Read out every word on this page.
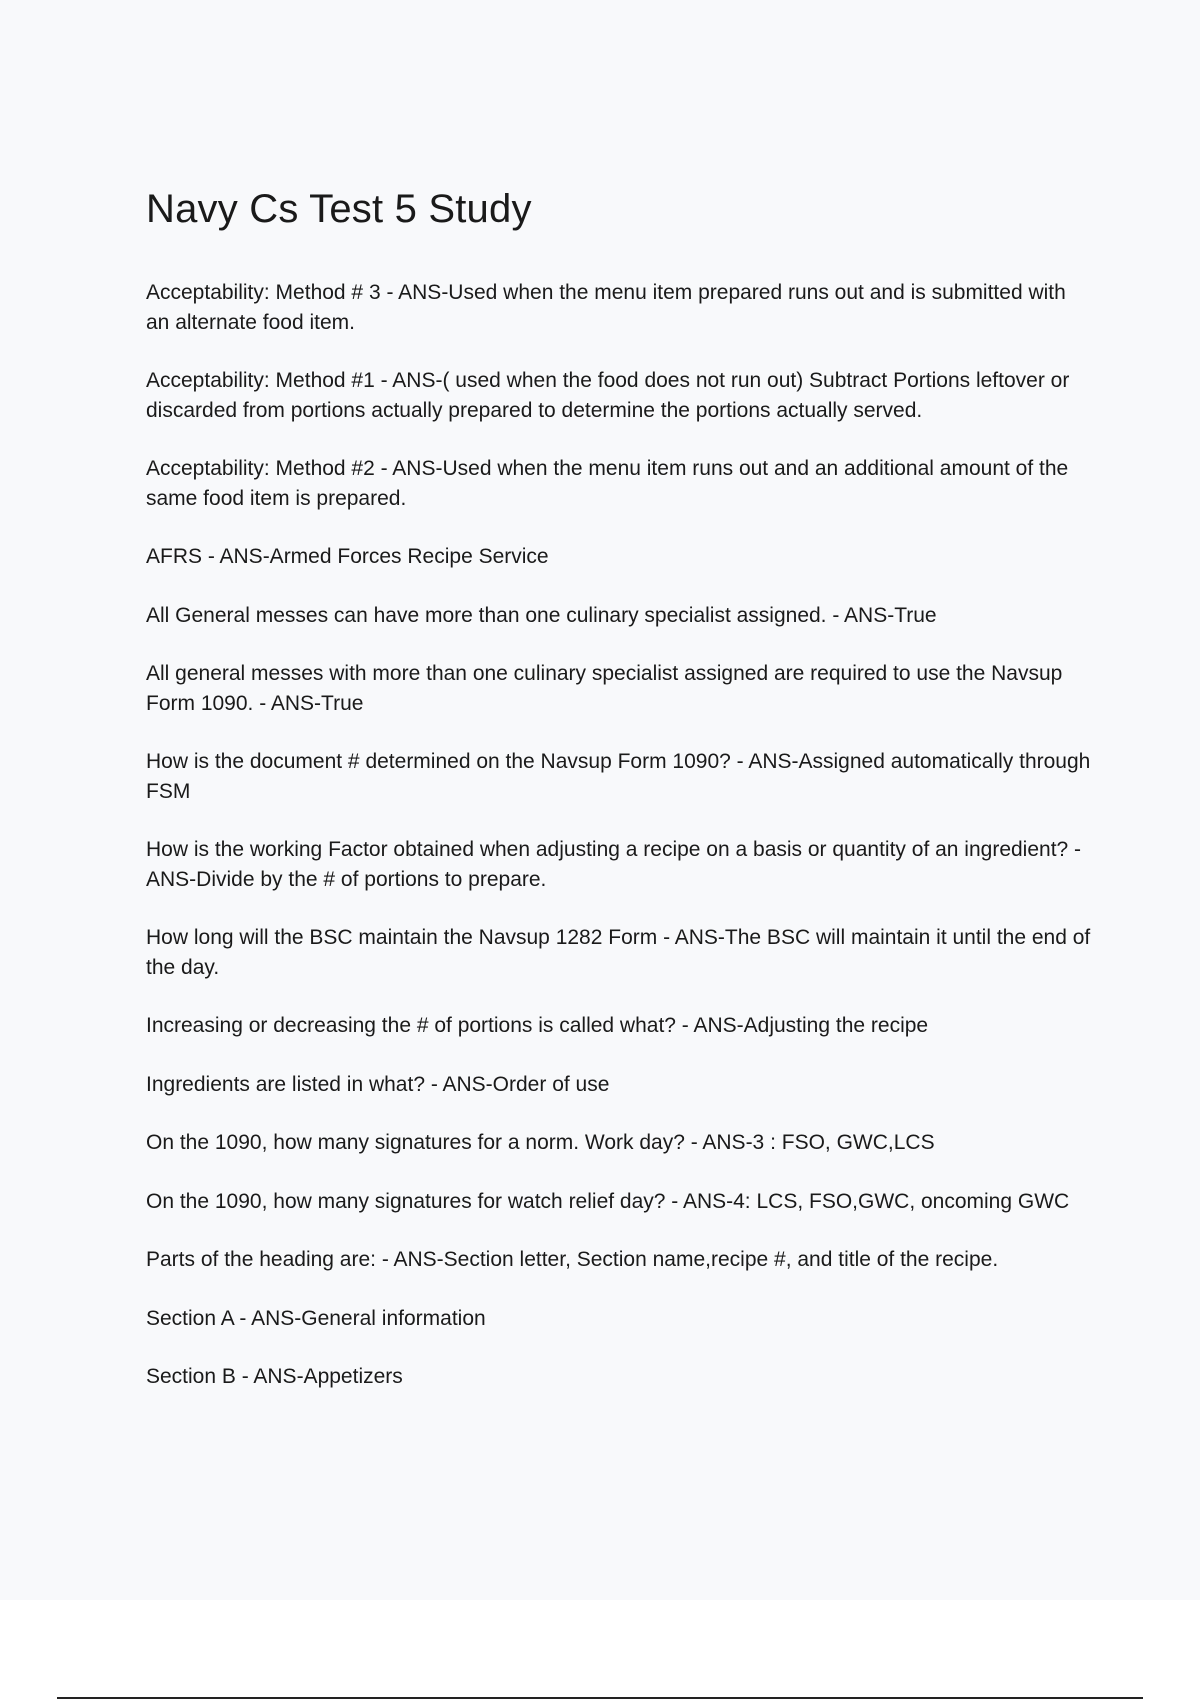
Navy Cs Test 5 Study
Acceptability: Method # 3 - ANS-Used when the menu item prepared runs out and is submitted with an alternate food item.
Acceptability: Method #1 - ANS-( used when the food does not run out) Subtract Portions leftover or discarded from portions actually prepared to determine the portions actually served.
Acceptability: Method #2 - ANS-Used when the menu item runs out and an additional amount of the same food item is prepared.
AFRS - ANS-Armed Forces Recipe Service
All General messes can have more than one culinary specialist assigned. - ANS-True
All general messes with more than one culinary specialist assigned are required to use the Navsup Form 1090. - ANS-True
How is the document # determined on the Navsup Form 1090? - ANS-Assigned automatically through FSM
How is the working Factor obtained when adjusting a recipe on a basis or quantity of an ingredient? - ANS-Divide by the # of portions to prepare.
How long will the BSC maintain the Navsup 1282 Form - ANS-The BSC will maintain it until the end of the day.
Increasing or decreasing the # of portions is called what? - ANS-Adjusting the recipe
Ingredients are listed in what? - ANS-Order of use
On the 1090, how many signatures for a norm. Work day? - ANS-3 : FSO, GWC,LCS
On the 1090, how many signatures for watch relief day? - ANS-4: LCS, FSO,GWC, oncoming GWC
Parts of the heading are: - ANS-Section letter, Section name,recipe #, and title of the recipe.
Section A - ANS-General information
Section B - ANS-Appetizers
